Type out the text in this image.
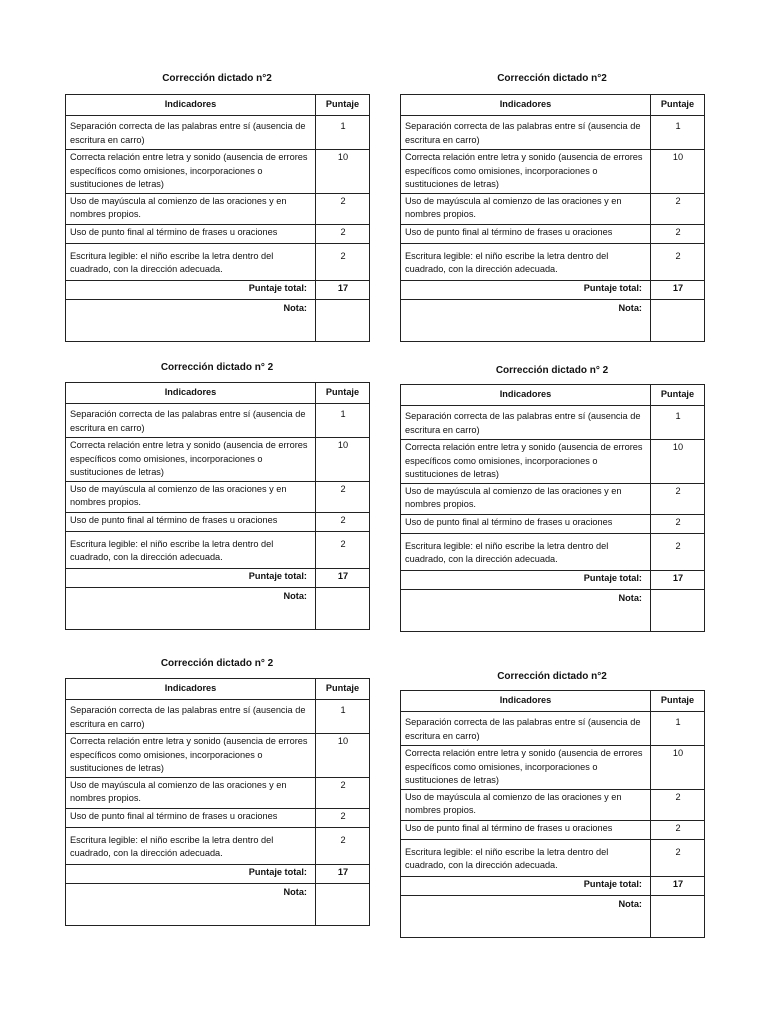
Corrección dictado n°2
Indicadores	Puntaje
Separación correcta de las palabras entre sí (ausencia de escritura en carro)	1
Correcta relación entre letra y sonido (ausencia de errores específicos como omisiones, incorporaciones o sustituciones de letras)	10
Uso de mayúscula al comienzo de las oraciones y en nombres propios.	2
Uso de punto final al término de frases u oraciones	2
Escritura legible: el niño escribe la letra dentro del cuadrado, con la dirección adecuada.	2
Puntaje total:	17
Nota:	
Corrección dictado n°2
Indicadores	Puntaje
Separación correcta de las palabras entre sí (ausencia de escritura en carro)	1
Correcta relación entre letra y sonido (ausencia de errores específicos como omisiones, incorporaciones o sustituciones de letras)	10
Uso de mayúscula al comienzo de las oraciones y en nombres propios.	2
Uso de punto final al término de frases u oraciones	2
Escritura legible: el niño escribe la letra dentro del cuadrado, con la dirección adecuada.	2
Puntaje total:	17
Nota:	
Corrección dictado n° 2
Indicadores	Puntaje
Separación correcta de las palabras entre sí (ausencia de escritura en carro)	1
Correcta relación entre letra y sonido (ausencia de errores específicos como omisiones, incorporaciones o sustituciones de letras)	10
Uso de mayúscula al comienzo de las oraciones y en nombres propios.	2
Uso de punto final al término de frases u oraciones	2
Escritura legible: el niño escribe la letra dentro del cuadrado, con la dirección adecuada.	2
Puntaje total:	17
Nota:	
Corrección dictado n° 2
Indicadores	Puntaje
Separación correcta de las palabras entre sí (ausencia de escritura en carro)	1
Correcta relación entre letra y sonido (ausencia de errores específicos como omisiones, incorporaciones o sustituciones de letras)	10
Uso de mayúscula al comienzo de las oraciones y en nombres propios.	2
Uso de punto final al término de frases u oraciones	2
Escritura legible: el niño escribe la letra dentro del cuadrado, con la dirección adecuada.	2
Puntaje total:	17
Nota:	
Corrección dictado n° 2
Indicadores	Puntaje
Separación correcta de las palabras entre sí (ausencia de escritura en carro)	1
Correcta relación entre letra y sonido (ausencia de errores específicos como omisiones, incorporaciones o sustituciones de letras)	10
Uso de mayúscula al comienzo de las oraciones y en nombres propios.	2
Uso de punto final al término de frases u oraciones	2
Escritura legible: el niño escribe la letra dentro del cuadrado, con la dirección adecuada.	2
Puntaje total:	17
Nota:	
Corrección dictado n°2
Indicadores	Puntaje
Separación correcta de las palabras entre sí (ausencia de escritura en carro)	1
Correcta relación entre letra y sonido (ausencia de errores específicos como omisiones, incorporaciones o sustituciones de letras)	10
Uso de mayúscula al comienzo de las oraciones y en nombres propios.	2
Uso de punto final al término de frases u oraciones	2
Escritura legible: el niño escribe la letra dentro del cuadrado, con la dirección adecuada.	2
Puntaje total:	17
Nota:	
